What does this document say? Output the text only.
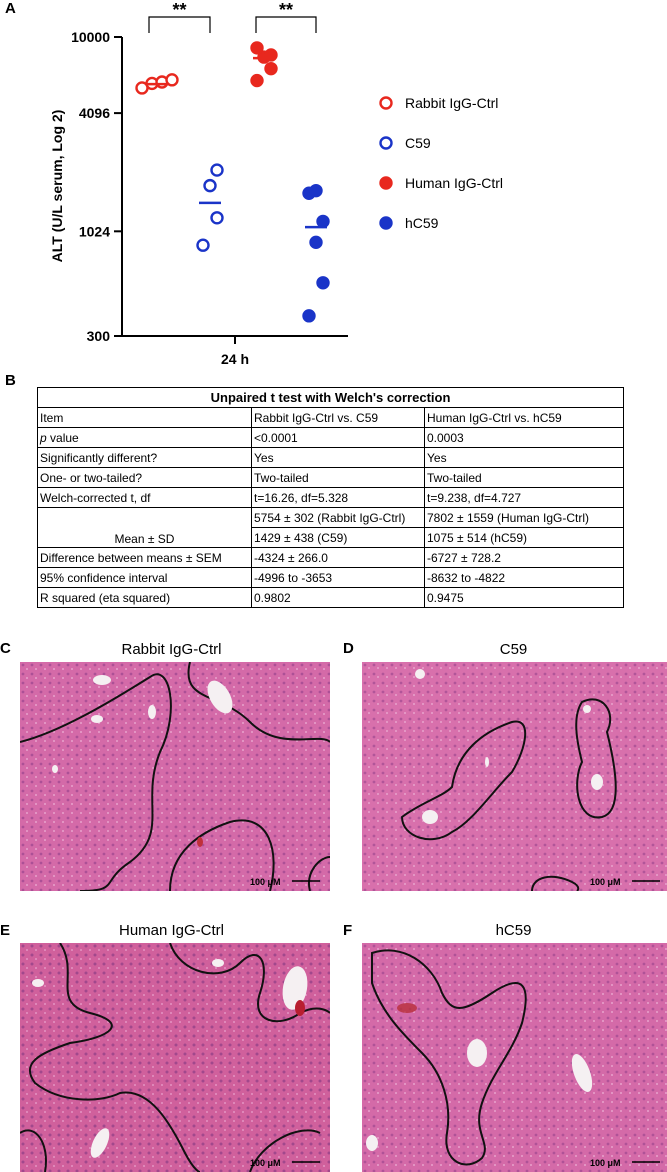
A
B
C	D
E	F
300
1024
4096
10000
**	**
24 h
ALT (U/L serum, Log 2)
Rabbit IgG-Ctrl
C59
Human IgG-Ctrl
hC59
Unpaired t test with Welch's correction		
Item	Rabbit IgG-Ctrl vs. C59	Human IgG-Ctrl vs. hC59
p value	<0.0001	0.0003
Significantly different?	Yes	Yes
One- or two-tailed?	Two-tailed	Two-tailed
Welch-corrected t, df	t=16.26, df=5.328	t=9.238, df=4.727
Mean ± SD	5754 ± 302 (Rabbit IgG-Ctrl)	7802 ± 1559 (Human IgG-Ctrl)
	1429 ± 438 (C59)	1075 ± 514 (hC59)
Difference between means ± SEM	-4324 ± 266.0	-6727 ± 728.2
95% confidence interval	-4996 to -3653	-8632 to -4822
R squared (eta squared)	0.9802	0.9475
Rabbit IgG-Ctrl	C59
Human IgG-Ctrl	hC59
100 μM	100 μM
100 μM	100 μM
